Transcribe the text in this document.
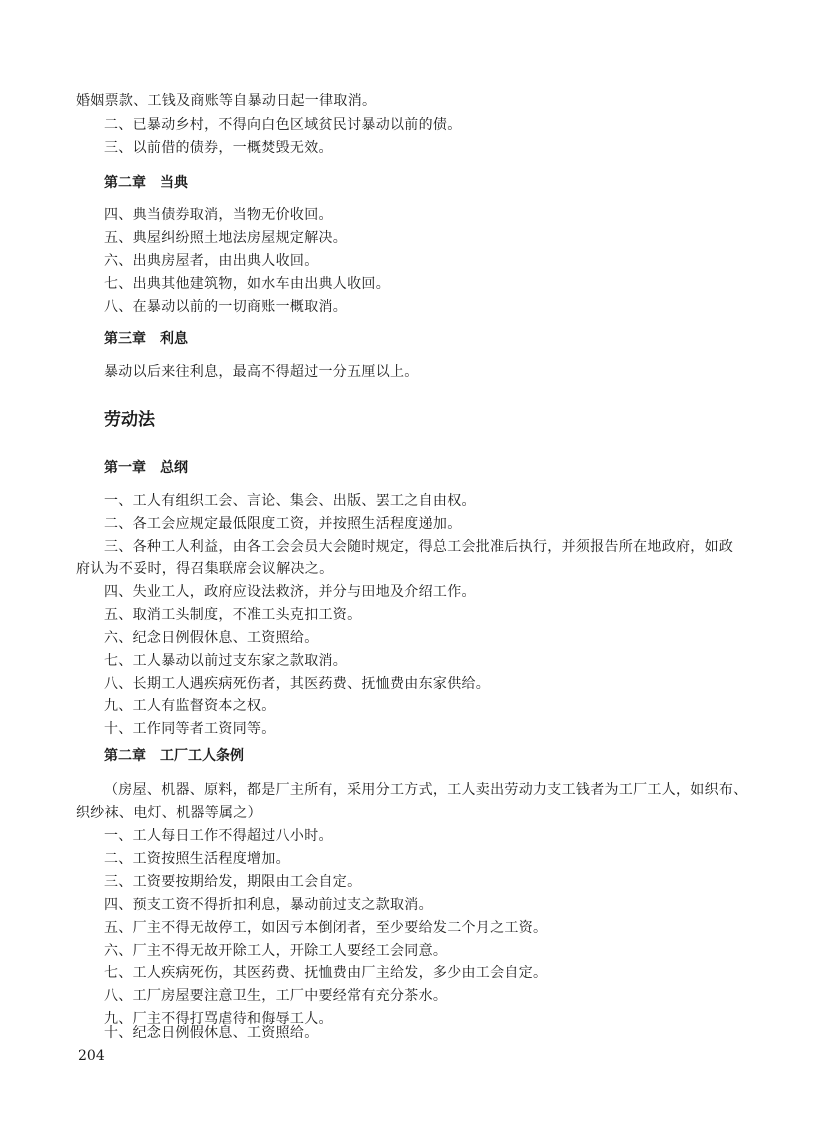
婚姻票款、工钱及商账等自暴动日起一律取消。
二、已暴动乡村，不得向白色区域贫民讨暴动以前的债。
三、以前借的债券，一概焚毁无效。
第二章　当典
四、典当债券取消，当物无价收回。
五、典屋纠纷照土地法房屋规定解决。
六、出典房屋者，由出典人收回。
七、出典其他建筑物，如水车由出典人收回。
八、在暴动以前的一切商账一概取消。
第三章　利息
暴动以后来往利息，最高不得超过一分五厘以上。
劳动法
第一章　总纲
一、工人有组织工会、言论、集会、出版、罢工之自由权。
二、各工会应规定最低限度工资，并按照生活程度递加。
三、各种工人利益，由各工会会员大会随时规定，得总工会批准后执行，并须报告所在地政府，如政
府认为不妥时，得召集联席会议解决之。
四、失业工人，政府应设法救济，并分与田地及介绍工作。
五、取消工头制度，不准工头克扣工资。
六、纪念日例假休息、工资照给。
七、工人暴动以前过支东家之款取消。
八、长期工人遇疾病死伤者，其医药费、抚恤费由东家供给。
九、工人有监督资本之权。
十、工作同等者工资同等。
第二章　工厂工人条例
（房屋、机器、原料，都是厂主所有，采用分工方式，工人卖出劳动力支工钱者为工厂工人，如织布、
织纱袜、电灯、机器等属之）
一、工人每日工作不得超过八小时。
二、工资按照生活程度增加。
三、工资要按期给发，期限由工会自定。
四、预支工资不得折扣利息，暴动前过支之款取消。
五、厂主不得无故停工，如因亏本倒闭者，至少要给发二个月之工资。
六、厂主不得无故开除工人，开除工人要经工会同意。
七、工人疾病死伤，其医药费、抚恤费由厂主给发，多少由工会自定。
八、工厂房屋要注意卫生，工厂中要经常有充分茶水。
九、厂主不得打骂虐待和侮辱工人。
十、纪念日例假休息、工资照给。
204
